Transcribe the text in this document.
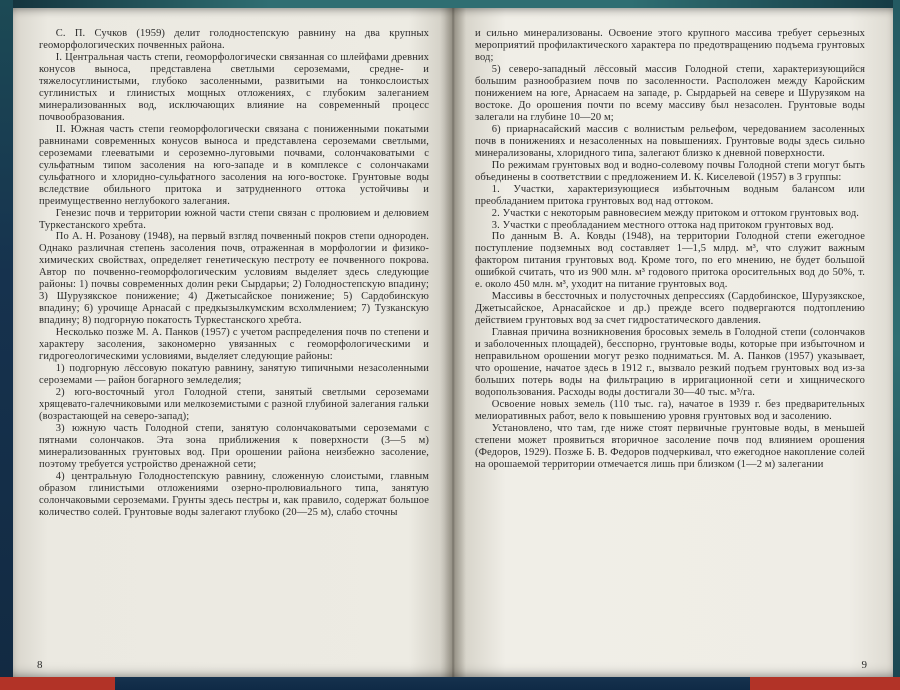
С. П. Сучков (1959) делит голодностепскую равнину на два крупных геоморфологических почвенных района.

I. Центральная часть степи, геоморфологически связанная со шлейфами древних конусов выноса, представлена светлыми сероземами, средне- и тяжелосуглинистыми, глубоко засоленными, развитыми на тонкослоистых суглинистых и глинистых мощных отложениях, с глубоким залеганием минерализованных вод, исключающих влияние на современный процесс почвообразования.

II. Южная часть степи геоморфологически связана с пониженными покатыми равнинами современных конусов выноса и представлена сероземами светлыми, сероземами глееватыми и сероземно-луговыми почвами, солончаковатыми с сульфатным типом засоления на юго-западе и в комплексе с солончаками сульфатного и хлоридно-сульфатного засоления на юго-востоке. Грунтовые воды вследствие обильного притока и затрудненного оттока устойчивы и преимущественно неглубокого залегания.

Генезис почв и территории южной части степи связан с пролювием и делювием Туркестанского хребта.

По А. Н. Розанову (1948), на первый взгляд почвенный покров степи однороден. Однако различная степень засоления почв, отраженная в морфологии и физико-химических свойствах, определяет генетическую пестроту ее почвенного покрова. Автор по почвенно-геоморфологическим условиям выделяет здесь следующие районы: 1) почвы современных долин реки Сырдарьи; 2) Голодностепскую впадину; 3) Шурузякское понижение; 4) Джетысайское понижение; 5) Сардобинскую впадину; 6) урочище Арнасай с предкызылкумским всхолмлением; 7) Тузканскую впадину; 8) подгорную покатость Туркестанского хребта.

Несколько позже М. А. Панков (1957) с учетом распределения почв по степени и характеру засоления, закономерно увязанных с геоморфологическими и гидрогеологическими условиями, выделяет следующие районы:

1) подгорную лёссовую покатую равнину, занятую типичными незасоленными сероземами — район богарного земледелия;

2) юго-восточный угол Голодной степи, занятый светлыми сероземами хрящевато-галечниковыми или мелкоземистыми с разной глубиной залегания гальки (возрастающей на северо-запад);

3) южную часть Голодной степи, занятую солончаковатыми сероземами с пятнами солончаков. Эта зона приближения к поверхности (3—5 м) минерализованных грунтовых вод. При орошении района неизбежно засоление, поэтому требуется устройство дренажной сети;

4) центральную Голодностепскую равнину, сложенную слоистыми, главным образом глинистыми отложениями озерно-пролювиального типа, занятую солончаковыми сероземами. Грунты здесь пестры и, как правило, содержат большое количество солей. Грунтовые воды залегают глубоко (20—25 м), слабо сточны

8

и сильно минерализованы. Освоение этого крупного массива требует серьезных мероприятий профилактического характера по предотвращению подъема грунтовых вод;

5) северо-западный лёссовый массив Голодной степи, характеризующийся большим разнообразием почв по засоленности. Расположен между Каройским понижением на юге, Арнасаем на западе, р. Сырдарьей на севере и Шурузяком на востоке. До орошения почти по всему массиву был незасолен. Грунтовые воды залегали на глубине 10—20 м;

6) приарнасайский массив с волнистым рельефом, чередованием засоленных почв в понижениях и незасоленных на повышениях. Грунтовые воды здесь сильно минерализованы, хлоридного типа, залегают близко к дневной поверхности.

По режимам грунтовых вод и водно-солевому почвы Голодной степи могут быть объединены в соответствии с предложением И. К. Киселевой (1957) в 3 группы:

1. Участки, характеризующиеся избыточным водным балансом или преобладанием притока грунтовых вод над оттоком.

2. Участки с некоторым равновесием между притоком и оттоком грунтовых вод.

3. Участки с преобладанием местного оттока над притоком грунтовых вод.

По данным В. А. Ковды (1948), на территории Голодной степи ежегодное поступление подземных вод составляет 1—1,5 млрд. м³, что служит важным фактором питания грунтовых вод. Кроме того, по его мнению, не будет большой ошибкой считать, что из 900 млн. м³ годового притока оросительных вод до 50%, т. е. около 450 млн. м³, уходит на питание грунтовых вод.

Массивы в бессточных и полусточных депрессиях (Сардобинское, Шурузякское, Джетысайское, Арнасайское и др.) прежде всего подвергаются подтоплению действием грунтовых вод за счет гидростатического давления.

Главная причина возникновения бросовых земель в Голодной степи (солончаков и заболоченных площадей), бесспорно, грунтовые воды, которые при избыточном и неправильном орошении могут резко подниматься. М. А. Панков (1957) указывает, что орошение, начатое здесь в 1912 г., вызвало резкий подъем грунтовых вод из-за больших потерь воды на фильтрацию в ирригационной сети и хищнического водопользования. Расходы воды достигали 30—40 тыс. м³/га.

Освоение новых земель (110 тыс. га), начатое в 1939 г. без предварительных мелиоративных работ, вело к повышению уровня грунтовых вод и засолению.

Установлено, что там, где ниже стоят первичные грунтовые воды, в меньшей степени может проявиться вторичное засоление почв под влиянием орошения (Федоров, 1929). Позже Б. В. Федоров подчеркивал, что ежегодное накопление солей на орошаемой территории отмечается лишь при близком (1—2 м) залегании

9
